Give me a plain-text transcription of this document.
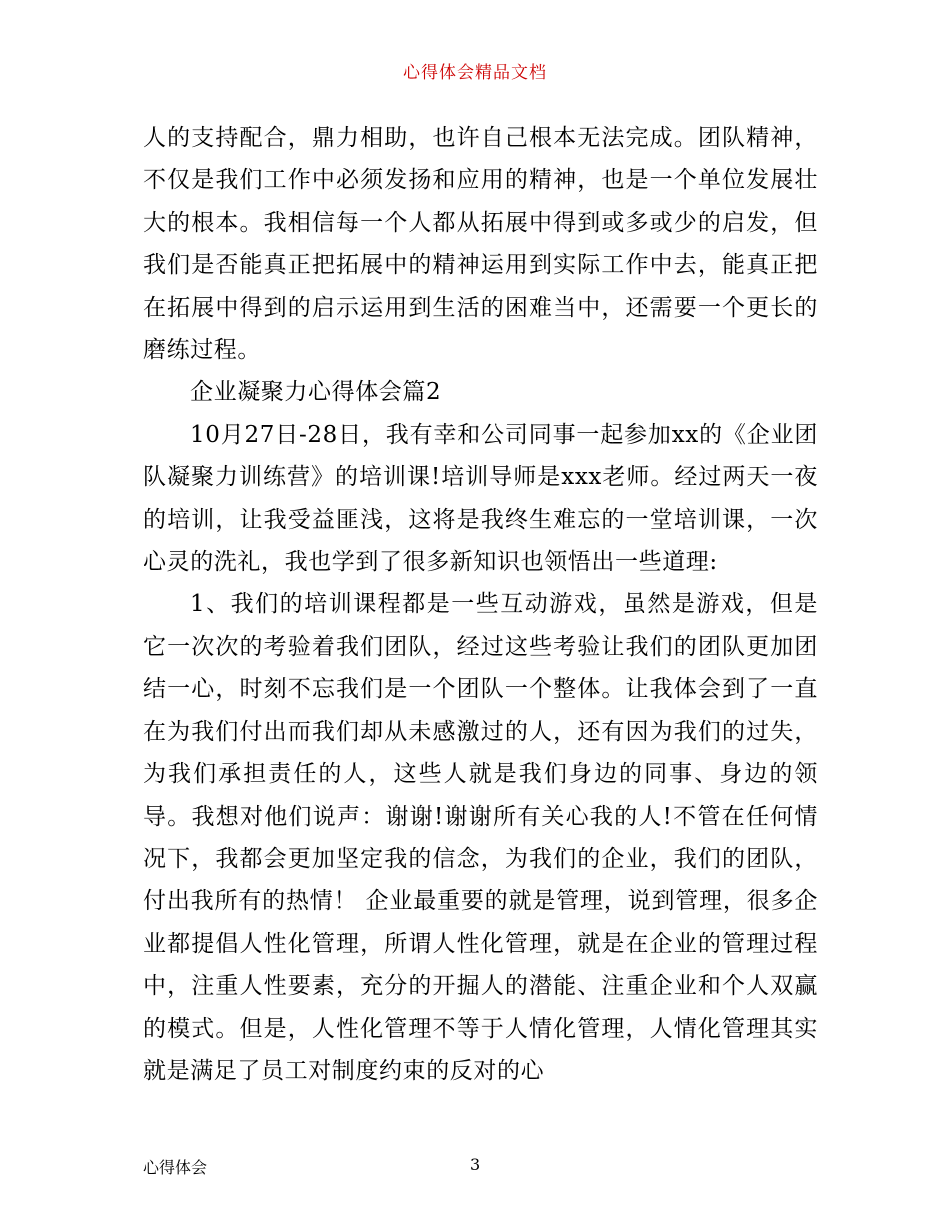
心得体会精品文档

人的支持配合，鼎力相助，也许自己根本无法完成。团队精神，不仅是我们工作中必须发扬和应用的精神，也是一个单位发展壮大的根本。我相信每一个人都从拓展中得到或多或少的启发，但我们是否能真正把拓展中的精神运用到实际工作中去，能真正把在拓展中得到的启示运用到生活的困难当中，还需要一个更长的磨练过程。

企业凝聚力心得体会篇2

10月27日-28日，我有幸和公司同事一起参加xx的《企业团队凝聚力训练营》的培训课!培训导师是xxx老师。经过两天一夜的培训，让我受益匪浅，这将是我终生难忘的一堂培训课，一次心灵的洗礼，我也学到了很多新知识也领悟出一些道理:

1、我们的培训课程都是一些互动游戏，虽然是游戏，但是它一次次的考验着我们团队，经过这些考验让我们的团队更加团结一心，时刻不忘我们是一个团队一个整体。让我体会到了一直在为我们付出而我们却从未感激过的人，还有因为我们的过失，为我们承担责任的人，这些人就是我们身边的同事、身边的领导。我想对他们说声：谢谢!谢谢所有关心我的人!不管在任何情况下，我都会更加坚定我的信念，为我们的企业，我们的团队，付出我所有的热情！ 企业最重要的就是管理，说到管理，很多企业都提倡人性化管理，所谓人性化管理，就是在企业的管理过程中，注重人性要素，充分的开掘人的潜能、注重企业和个人双赢的模式。但是，人性化管理不等于人情化管理，人情化管理其实就是满足了员工对制度约束的反对的心

心得体会	3
